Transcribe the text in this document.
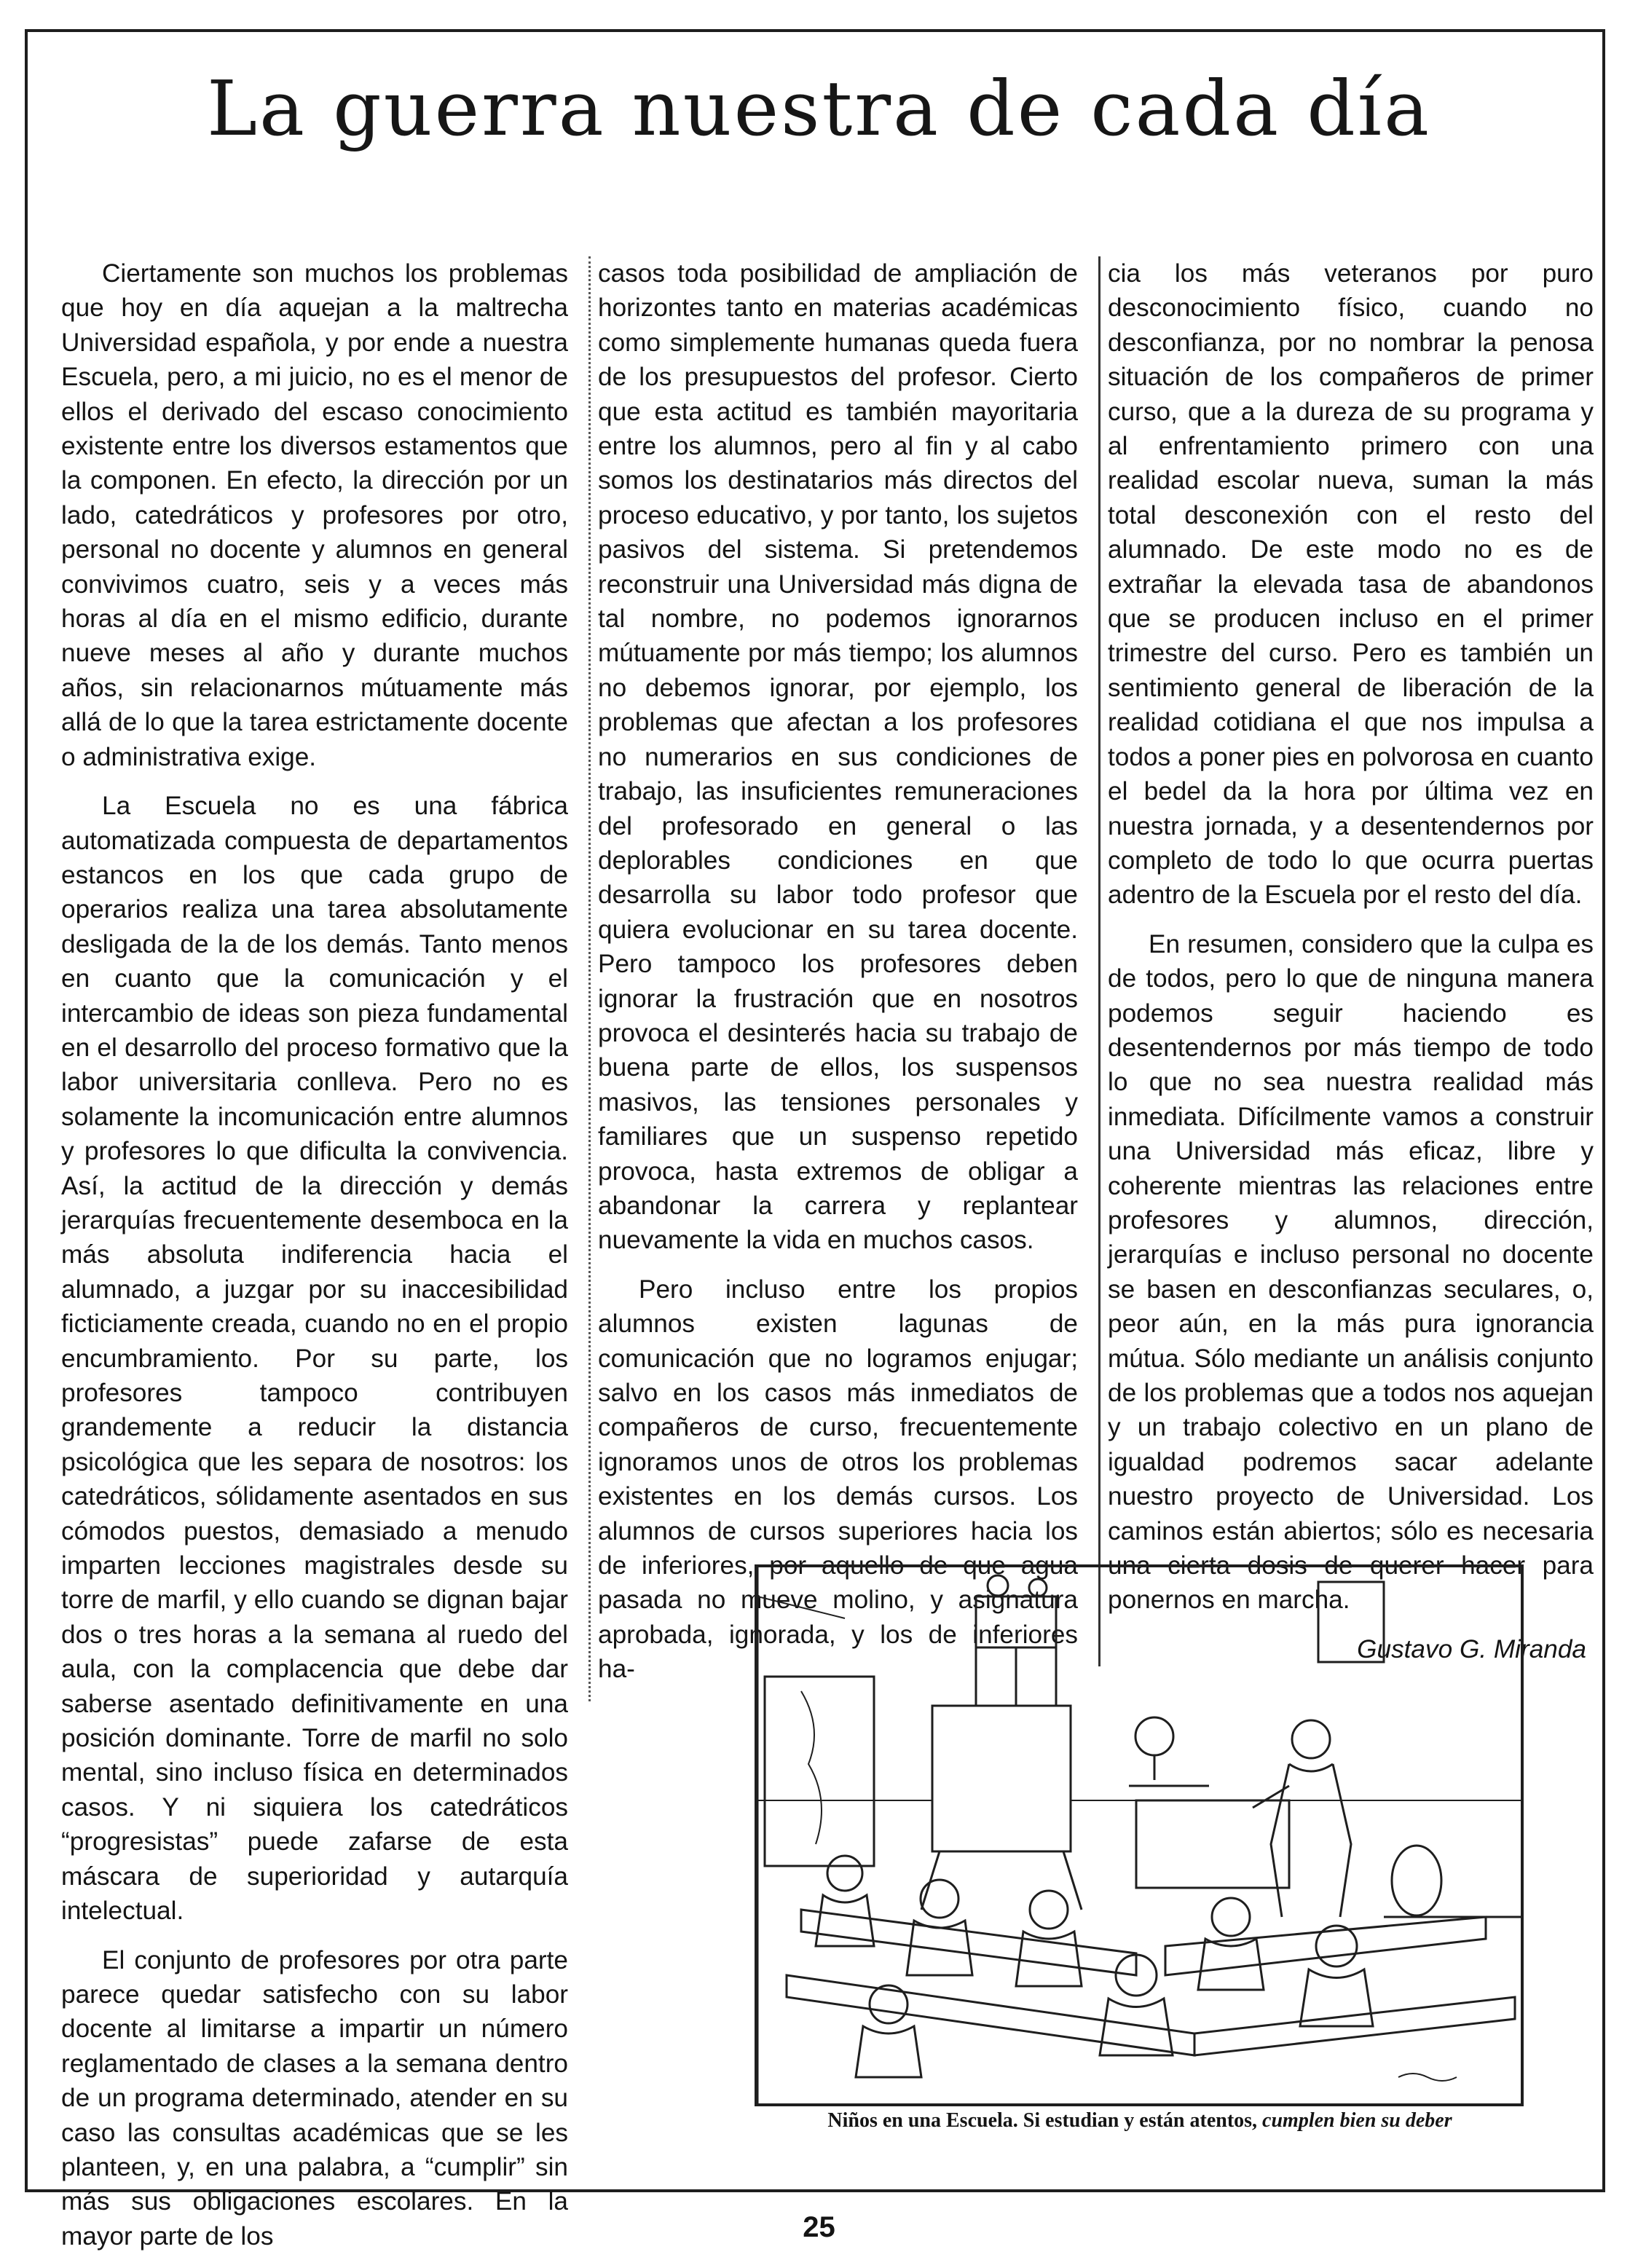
La guerra nuestra de cada día

Ciertamente son muchos los problemas que hoy en día aquejan a la maltrecha Universidad española, y por ende a nuestra Escuela, pero, a mi juicio, no es el menor de ellos el derivado del escaso conocimiento existente entre los diversos estamentos que la componen. En efecto, la dirección por un lado, catedráticos y profesores por otro, personal no docente y alumnos en general convivimos cuatro, seis y a veces más horas al día en el mismo edificio, durante nueve meses al año y durante muchos años, sin relacionarnos mútuamente más allá de lo que la tarea estrictamente docente o administrativa exige.

La Escuela no es una fábrica automatizada compuesta de departamentos estancos en los que cada grupo de operarios realiza una tarea absolutamente desligada de la de los demás. Tanto menos en cuanto que la comunicación y el intercambio de ideas son pieza fundamental en el desarrollo del proceso formativo que la labor universitaria conlleva. Pero no es solamente la incomunicación entre alumnos y profesores lo que dificulta la convivencia. Así, la actitud de la dirección y demás jerarquías frecuentemente desemboca en la más absoluta indiferencia hacia el alumnado, a juzgar por su inaccesibilidad ficticiamente creada, cuando no en el propio encumbramiento. Por su parte, los profesores tampoco contribuyen grandemente a reducir la distancia psicológica que les separa de nosotros: los catedráticos, sólidamente asentados en sus cómodos puestos, demasiado a menudo imparten lecciones magistrales desde su torre de marfil, y ello cuando se dignan bajar dos o tres horas a la semana al ruedo del aula, con la complacencia que debe dar saberse asentado definitivamente en una posición dominante. Torre de marfil no solo mental, sino incluso física en determinados casos. Y ni siquiera los catedráticos “progresistas” puede zafarse de esta máscara de superioridad y autarquía intelectual.

El conjunto de profesores por otra parte parece quedar satisfecho con su labor docente al limitarse a impartir un número reglamentado de clases a la semana dentro de un programa determinado, atender en su caso las consultas académicas que se les planteen, y, en una palabra, a “cumplir” sin más sus obligaciones escolares. En la mayor parte de los

casos toda posibilidad de ampliación de horizontes tanto en materias académicas como simplemente humanas queda fuera de los presupuestos del profesor. Cierto que esta actitud es también mayoritaria entre los alumnos, pero al fin y al cabo somos los destinatarios más directos del proceso educativo, y por tanto, los sujetos pasivos del sistema. Si pretendemos reconstruir una Universidad más digna de tal nombre, no podemos ignorarnos mútuamente por más tiempo; los alumnos no debemos ignorar, por ejemplo, los problemas que afectan a los profesores no numerarios en sus condiciones de trabajo, las insuficientes remuneraciones del profesorado en general o las deplorables condiciones en que desarrolla su labor todo profesor que quiera evolucionar en su tarea docente. Pero tampoco los profesores deben ignorar la frustración que en nosotros provoca el desinterés hacia su trabajo de buena parte de ellos, los suspensos masivos, las tensiones personales y familiares que un suspenso repetido provoca, hasta extremos de obligar a abandonar la carrera y replantear nuevamente la vida en muchos casos.

Pero incluso entre los propios alumnos existen lagunas de comunicación que no logramos enjugar; salvo en los casos más inmediatos de compañeros de curso, frecuentemente ignoramos unos de otros los problemas existentes en los demás cursos. Los alumnos de cursos superiores hacia los de inferiores, por aquello de que agua pasada no mueve molino, y asignatura aprobada, ignorada, y los de inferiores ha-

cia los más veteranos por puro desconocimiento físico, cuando no desconfianza, por no nombrar la penosa situación de los compañeros de primer curso, que a la dureza de su programa y al enfrentamiento primero con una realidad escolar nueva, suman la más total desconexión con el resto del alumnado. De este modo no es de extrañar la elevada tasa de abandonos que se producen incluso en el primer trimestre del curso. Pero es también un sentimiento general de liberación de la realidad cotidiana el que nos impulsa a todos a poner pies en polvorosa en cuanto el bedel da la hora por última vez en nuestra jornada, y a desentendernos por completo de todo lo que ocurra puertas adentro de la Escuela por el resto del día.

En resumen, considero que la culpa es de todos, pero lo que de ninguna manera podemos seguir haciendo es desentendernos por más tiempo de todo lo que no sea nuestra realidad más inmediata. Difícilmente vamos a construir una Universidad más eficaz, libre y coherente mientras las relaciones entre profesores y alumnos, dirección, jerarquías e incluso personal no docente se basen en desconfianzas seculares, o, peor aún, en la más pura ignorancia mútua. Sólo mediante un análisis conjunto de los problemas que a todos nos aquejan y un trabajo colectivo en un plano de igualdad podremos sacar adelante nuestro proyecto de Universidad. Los caminos están abiertos; sólo es necesaria una cierta dosis de querer hacer para ponernos en marcha.

Gustavo G. Miranda
Niños en una Escuela. Si estudian y están atentos, cumplen bien su deber
25
